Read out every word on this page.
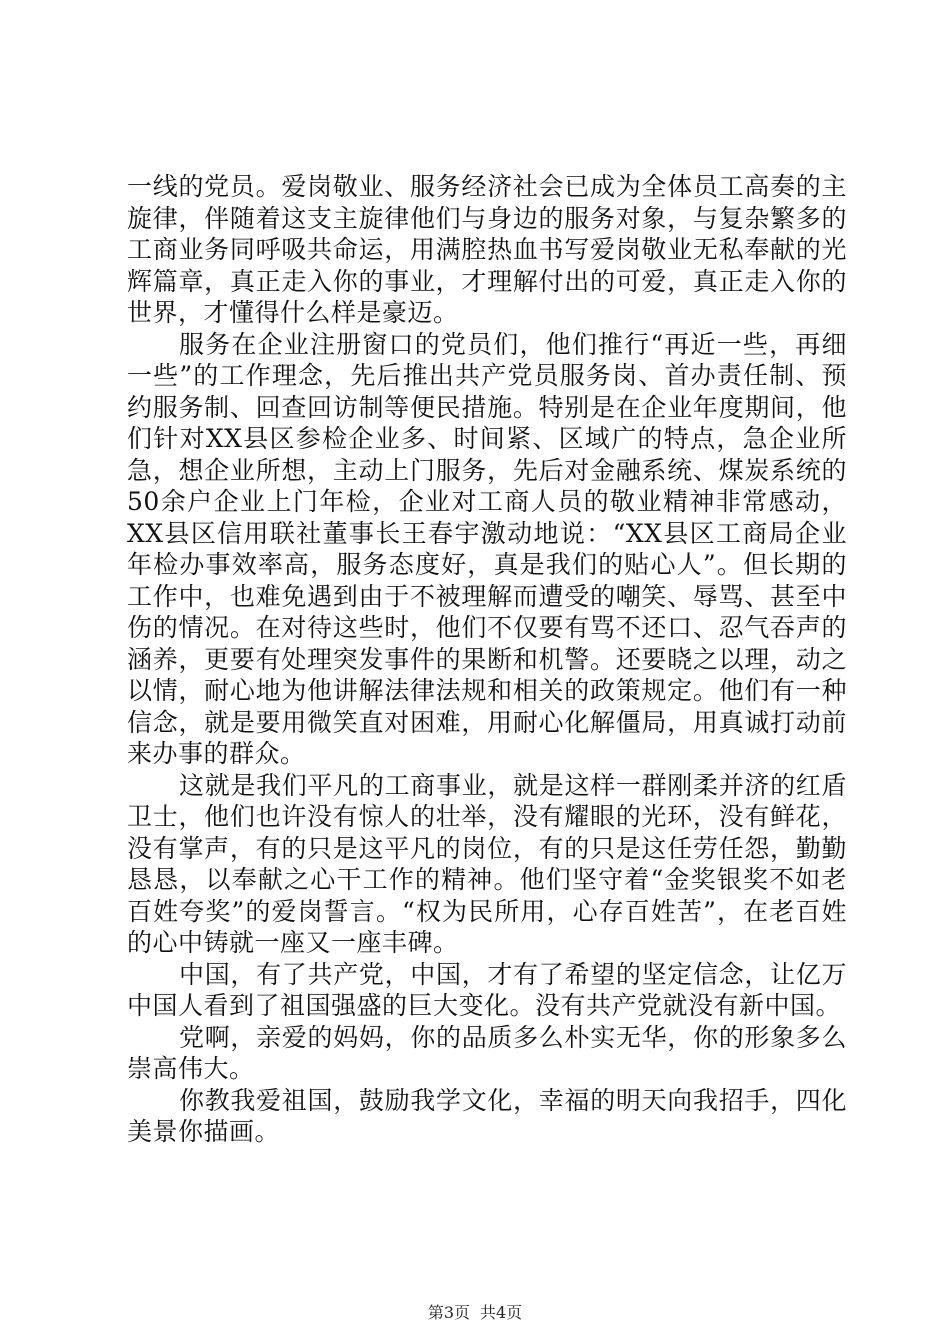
一线的党员。爱岗敬业、服务经济社会已成为全体员工高奏的主旋律，伴随着这支主旋律他们与身边的服务对象，与复杂繁多的工商业务同呼吸共命运，用满腔热血书写爱岗敬业无私奉献的光辉篇章，真正走入你的事业，才理解付出的可爱，真正走入你的世界，才懂得什么样是豪迈。

服务在企业注册窗口的党员们，他们推行“再近一些，再细一些”的工作理念，先后推出共产党员服务岗、首办责任制、预约服务制、回查回访制等便民措施。特别是在企业年度期间，他们针对XX县区参检企业多、时间紧、区域广的特点，急企业所急，想企业所想，主动上门服务，先后对金融系统、煤炭系统的50余户企业上门年检，企业对工商人员的敬业精神非常感动，XX县区信用联社董事长王春宇激动地说：“XX县区工商局企业年检办事效率高，服务态度好，真是我们的贴心人”。但长期的工作中，也难免遇到由于不被理解而遭受的嘲笑、辱骂、甚至中伤的情况。在对待这些时，他们不仅要有骂不还口、忍气吞声的涵养，更要有处理突发事件的果断和机警。还要晓之以理，动之以情，耐心地为他讲解法律法规和相关的政策规定。他们有一种信念，就是要用微笑直对困难，用耐心化解僵局，用真诚打动前来办事的群众。

这就是我们平凡的工商事业，就是这样一群刚柔并济的红盾卫士，他们也许没有惊人的壮举，没有耀眼的光环，没有鲜花，没有掌声，有的只是这平凡的岗位，有的只是这任劳任怨，勤勤恳恳，以奉献之心干工作的精神。他们坚守着“金奖银奖不如老百姓夸奖”的爱岗誓言。“权为民所用，心存百姓苦”，在老百姓的心中铸就一座又一座丰碑。

中国，有了共产党，中国，才有了希望的坚定信念，让亿万中国人看到了祖国强盛的巨大变化。没有共产党就没有新中国。

党啊，亲爱的妈妈，你的品质多么朴实无华，你的形象多么崇高伟大。

你教我爱祖国，鼓励我学文化，幸福的明天向我招手，四化美景你描画。

第3页 共4页
